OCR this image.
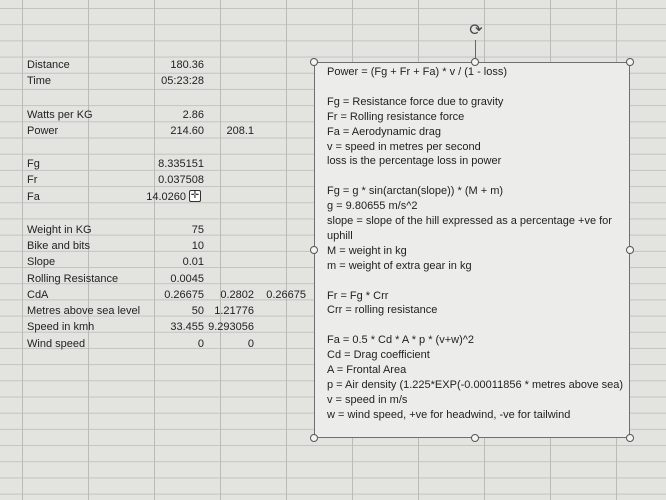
Distance	180.36
Time	05:23:28
Watts per KG	2.86
Power	214.60	208.1
Fg	8.335151
Fr	0.037508
Fa	14.0260
Weight in KG	75
Bike and bits	10
Slope	0.01
Rolling Resistance	0.0045
CdA	0.26675	0.2802	0.26675
Metres above sea level	50 1.21776
Speed in kmh	33.455 9.293056
Wind speed	0	0
✛
⟳
Power = (Fg + Fr + Fa) * v / (1 - loss)
Fg = Resistance force due to gravity
Fr = Rolling resistance force
Fa = Aerodynamic drag
v = speed in metres per second
loss is the percentage loss in power
Fg = g * sin(arctan(slope)) * (M + m)
g = 9.80655 m/s^2
slope = slope of the hill expressed as a percentage +ve for
uphill
M = weight in kg
m = weight of extra gear in kg
Fr = Fg * Crr
Crr = rolling resistance
Fa = 0.5 * Cd * A * p * (v+w)^2
Cd = Drag coefficient
A = Frontal Area
p = Air density (1.225*EXP(-0.00011856 * metres above sea)
v = speed in m/s
w = wind speed, +ve for headwind, -ve for tailwind
